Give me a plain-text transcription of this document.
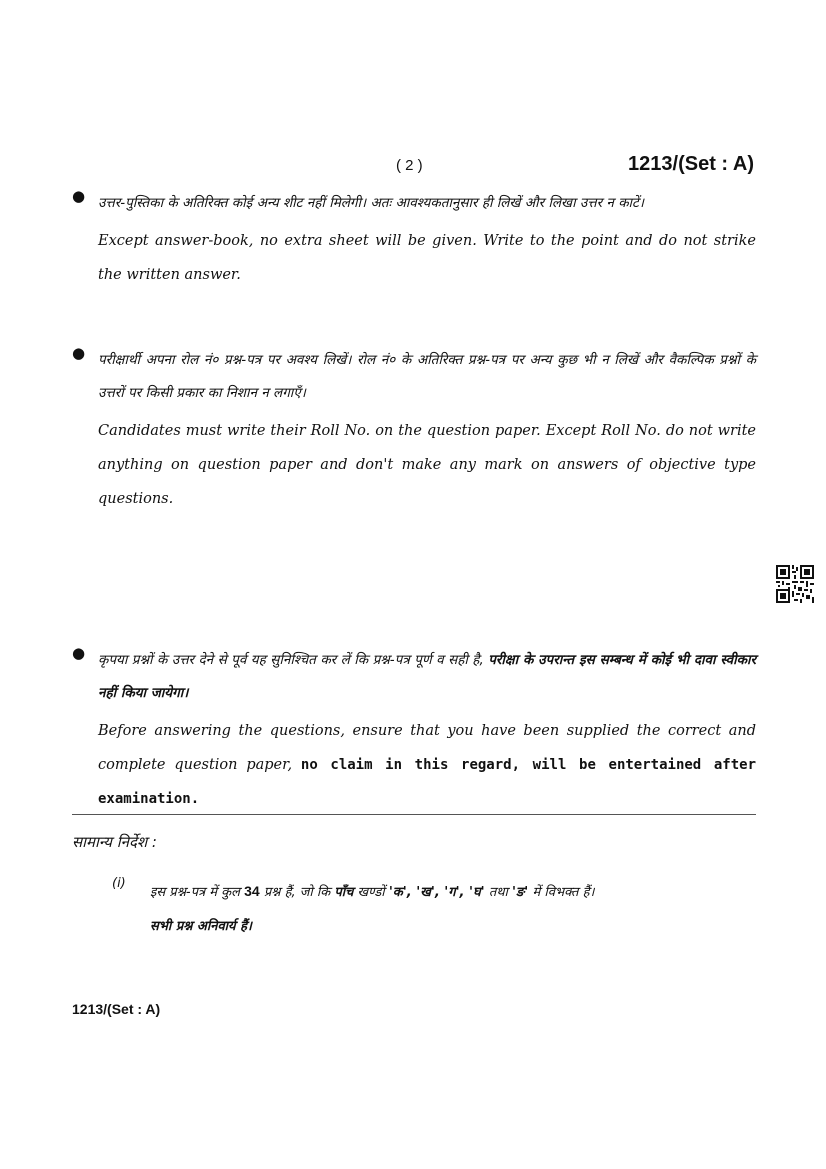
( 2 )	1213/(Set : A)
● उत्तर-पुस्तिका के अतिरिक्त कोई अन्य शीट नहीं मिलेगी। अतः आवश्यकतानुसार ही लिखें और लिखा उत्तर न काटें।
Except answer-book, no extra sheet will be given. Write to the point and do not strike the written answer.
● परीक्षार्थी अपना रोल नं० प्रश्न-पत्र पर अवश्य लिखें। रोल नं० के अतिरिक्त प्रश्न-पत्र पर अन्य कुछ भी न लिखें और वैकल्पिक प्रश्नों के उत्तरों पर किसी प्रकार का निशान न लगाएँ।
Candidates must write their Roll No. on the question paper. Except Roll No. do not write anything on question paper and don't make any mark on answers of objective type questions.
● कृपया प्रश्नों के उत्तर देने से पूर्व यह सुनिश्चित कर लें कि प्रश्न-पत्र पूर्ण व सही है, परीक्षा के उपरान्त इस सम्बन्ध में कोई भी दावा स्वीकार नहीं किया जायेगा।
Before answering the questions, ensure that you have been supplied the correct and complete question paper, no claim in this regard, will be entertained after examination.
सामान्य निर्देश :
(i)
इस प्रश्न-पत्र में कुल 34 प्रश्न हैं, जो कि पाँच खण्डों 'क', 'ख', 'ग', 'घ' तथा 'ङ' में विभक्त हैं।
सभी प्रश्न अनिवार्य हैं।
1213/(Set : A)
